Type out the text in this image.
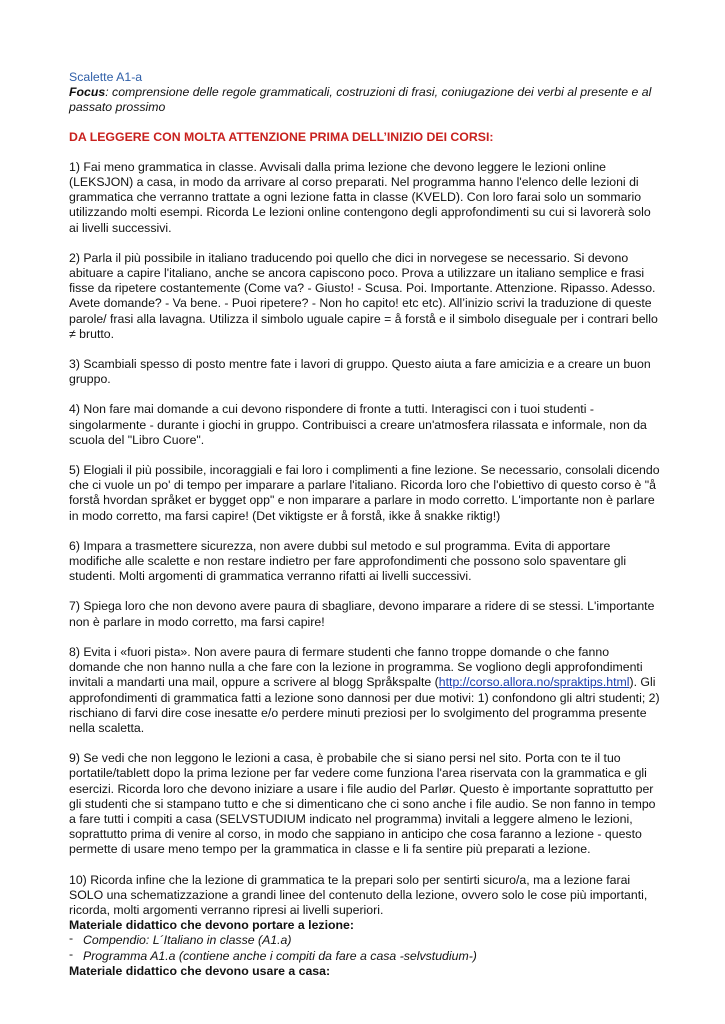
Scalette A1-a

Focus: comprensione delle regole grammaticali, costruzioni di frasi, coniugazione dei verbi al presente e al passato prossimo

DA LEGGERE CON MOLTA ATTENZIONE PRIMA DELL’INIZIO DEI CORSI:

1) Fai meno grammatica in classe. Avvisali dalla prima lezione che devono leggere le lezioni online (LEKSJON) a casa, in modo da arrivare al corso preparati. Nel programma hanno l'elenco delle lezioni di grammatica che verranno trattate a ogni lezione fatta in classe (KVELD). Con loro farai solo un sommario utilizzando molti esempi. Ricorda Le lezioni online contengono degli approfondimenti su cui si lavorerà solo ai livelli successivi.

2) Parla il più possibile in italiano traducendo poi quello che dici in norvegese se necessario. Si devono abituare a capire l'italiano, anche se ancora capiscono poco. Prova a utilizzare un italiano semplice e frasi fisse da ripetere costantemente (Come va? - Giusto! - Scusa. Poi. Importante. Attenzione. Ripasso. Adesso. Avete domande? - Va bene. - Puoi ripetere? - Non ho capito! etc etc). All’inizio scrivi la traduzione di queste parole/ frasi alla lavagna. Utilizza il simbolo uguale capire = å forstå e il simbolo diseguale per i contrari bello ≠ brutto.

3) Scambiali spesso di posto mentre fate i lavori di gruppo. Questo aiuta a fare amicizia e a creare un buon gruppo.

4) Non fare mai domande a cui devono rispondere di fronte a tutti. Interagisci con i tuoi studenti - singolarmente - durante i giochi in gruppo. Contribuisci a creare un'atmosfera rilassata e informale, non da scuola del "Libro Cuore".

5) Elogiali il più possibile, incoraggiali e fai loro i complimenti a fine lezione. Se necessario, consolali dicendo che ci vuole un po' di tempo per imparare a parlare l'italiano. Ricorda loro che l'obiettivo di questo corso è "å forstå hvordan språket er bygget opp" e non imparare a parlare in modo corretto. L'importante non è parlare in modo corretto, ma farsi capire! (Det viktigste er å forstå, ikke å snakke riktig!)

6) Impara a trasmettere sicurezza, non avere dubbi sul metodo e sul programma. Evita di apportare modifiche alle scalette e non restare indietro per fare approfondimenti che possono solo spaventare gli studenti. Molti argomenti di grammatica verranno rifatti ai livelli successivi.

7) Spiega loro che non devono avere paura di sbagliare, devono imparare a ridere di se stessi. L'importante non è parlare in modo corretto, ma farsi capire!

8) Evita i «fuori pista». Non avere paura di fermare studenti che fanno troppe domande o che fanno domande che non hanno nulla a che fare con la lezione in programma. Se vogliono degli approfondimenti invitali a mandarti una mail, oppure a scrivere al blogg Språkspalte (http://corso.allora.no/spraktips.html). Gli approfondimenti di grammatica fatti a lezione sono dannosi per due motivi: 1) confondono gli altri studenti; 2) rischiano di farvi dire cose inesatte e/o perdere minuti preziosi per lo svolgimento del programma presente nella scaletta.

9) Se vedi che non leggono le lezioni a casa, è probabile che si siano persi nel sito. Porta con te il tuo portatile/tablett dopo la prima lezione per far vedere come funziona l'area riservata con la grammatica e gli esercizi. Ricorda loro che devono iniziare a usare i file audio del Parlør. Questo è importante soprattutto per gli studenti che si stampano tutto e che si dimenticano che ci sono anche i file audio. Se non fanno in tempo a fare tutti i compiti a casa (SELVSTUDIUM indicato nel programma) invitali a leggere almeno le lezioni, soprattutto prima di venire al corso, in modo che sappiano in anticipo che cosa faranno a lezione - questo permette di usare meno tempo per la grammatica in classe e li fa sentire più preparati a lezione.

10) Ricorda infine che la lezione di grammatica te la prepari solo per sentirti sicuro/a, ma a lezione farai SOLO una schematizzazione a grandi linee del contenuto della lezione, ovvero solo le cose più importanti, ricorda, molti argomenti verranno ripresi ai livelli superiori.

Materiale didattico che devono portare a lezione:

- Compendio: L´Italiano in classe (A1.a)
- Programma A1.a (contiene anche i compiti da fare a casa -selvstudium-)

Materiale didattico che devono usare a casa:
